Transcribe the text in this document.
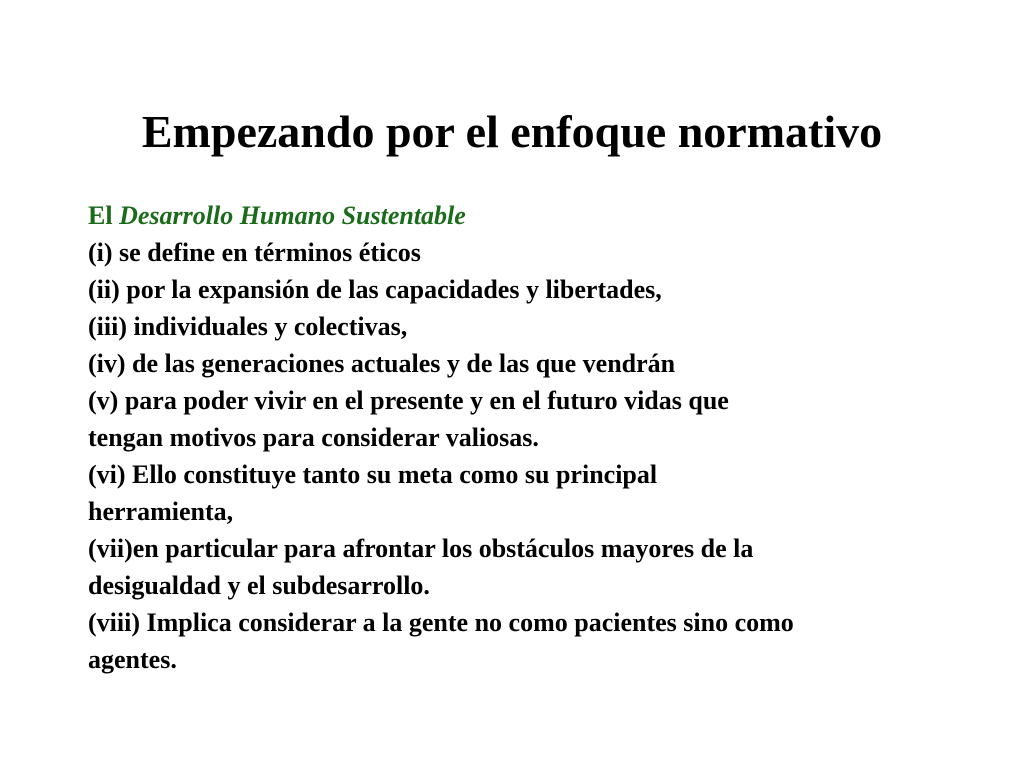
Empezando por el enfoque normativo
El Desarrollo Humano Sustentable
(i) se define en términos éticos
(ii) por la expansión de las capacidades y libertades,
(iii) individuales y colectivas,
(iv) de las generaciones actuales y de las que vendrán
(v) para poder vivir en el presente y en el futuro vidas que
tengan motivos para considerar valiosas.
(vi) Ello constituye tanto su meta como su principal
herramienta,
(vii)en particular para afrontar los obstáculos mayores de la
desigualdad y el subdesarrollo.
(viii) Implica considerar a la gente no como pacientes sino como
agentes.
